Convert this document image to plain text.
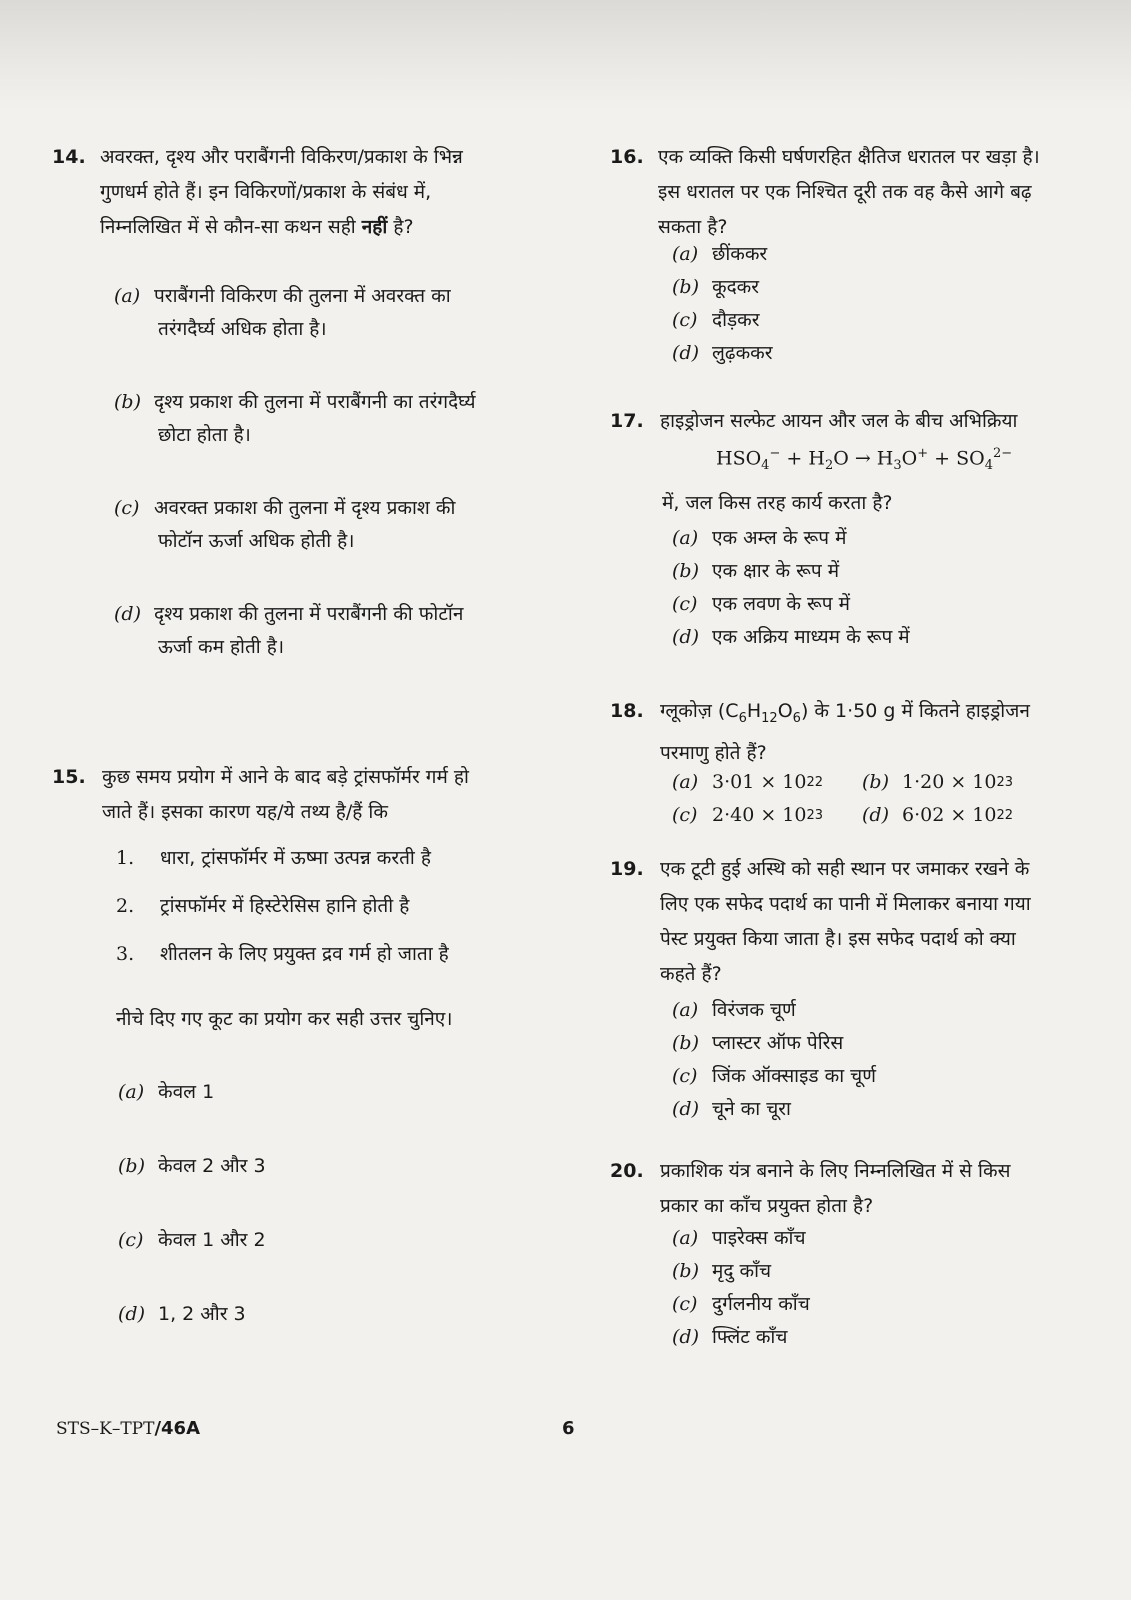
14. अवरक्त, दृश्य और पराबैंगनी विकिरण/प्रकाश के भिन्न
गुणधर्म होते हैं। इन विकिरणों/प्रकाश के संबंध में,
निम्नलिखित में से कौन-सा कथन सही नहीं है?
(a) पराबैंगनी विकिरण की तुलना में अवरक्त का
तरंगदैर्घ्य अधिक होता है।
(b) दृश्य प्रकाश की तुलना में पराबैंगनी का तरंगदैर्घ्य
छोटा होता है।
(c) अवरक्त प्रकाश की तुलना में दृश्य प्रकाश की
फोटॉन ऊर्जा अधिक होती है।
(d) दृश्य प्रकाश की तुलना में पराबैंगनी की फोटॉन
ऊर्जा कम होती है।
15. कुछ समय प्रयोग में आने के बाद बड़े ट्रांसफॉर्मर गर्म हो
जाते हैं। इसका कारण यह/ये तथ्य है/हैं कि
1.	धारा, ट्रांसफॉर्मर में ऊष्मा उत्पन्न करती है
2.	ट्रांसफॉर्मर में हिस्टेरेसिस हानि होती है
3.	शीतलन के लिए प्रयुक्त द्रव गर्म हो जाता है
नीचे दिए गए कूट का प्रयोग कर सही उत्तर चुनिए।
(a) केवल 1
(b) केवल 2 और 3
(c) केवल 1 और 2
(d) 1, 2 और 3
16. एक व्यक्ति किसी घर्षणरहित क्षैतिज धरातल पर खड़ा है।
इस धरातल पर एक निश्चित दूरी तक वह कैसे आगे बढ़
सकता है?
(a) छींककर
(b) कूदकर
(c) दौड़कर
(d) लुढ़ककर
17. हाइड्रोजन सल्फेट आयन और जल के बीच अभिक्रिया
$HSO_4^- + H_2O \to H_3O^+ + SO_4^{2-}$
में, जल किस तरह कार्य करता है?
(a) एक अम्ल के रूप में
(b) एक क्षार के रूप में
(c) एक लवण के रूप में
(d) एक अक्रिय माध्यम के रूप में
18. ग्लूकोज़ $(C_6H_{12}O_6)$ के 1·50 g में कितने हाइड्रोजन
परमाणु होते हैं?
(a) 3·01 × 10 22 (b) 1·20 × 10 23
(c) 2·40 × 10 23 (d) 6·02 × 10 22
19. एक टूटी हुई अस्थि को सही स्थान पर जमाकर रखने के
लिए एक सफेद पदार्थ का पानी में मिलाकर बनाया गया
पेस्ट प्रयुक्त किया जाता है। इस सफेद पदार्थ को क्या
कहते हैं?
(a) विरंजक चूर्ण
(b) प्लास्टर ऑफ पेरिस
(c) जिंक ऑक्साइड का चूर्ण
(d) चूने का चूरा
20. प्रकाशिक यंत्र बनाने के लिए निम्नलिखित में से किस
प्रकार का काँच प्रयुक्त होता है?
(a) पाइरेक्स काँच
(b) मृदु काँच
(c) दुर्गलनीय काँच
(d) फ्लिंट काँच
STS–K–TPT/46A	6
